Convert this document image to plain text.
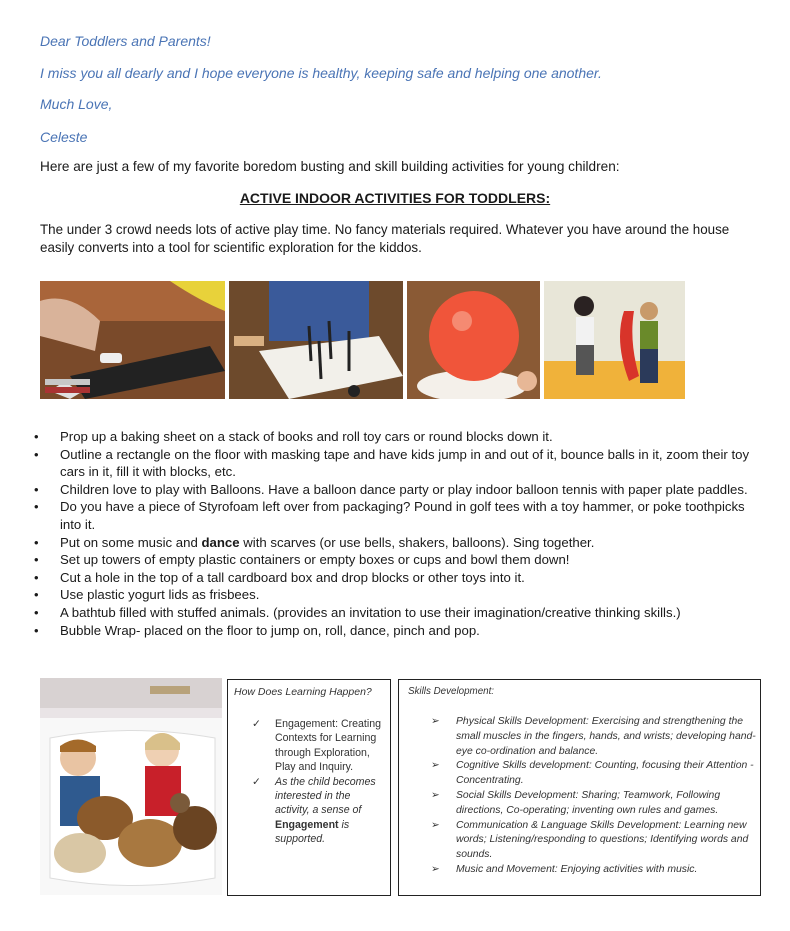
Dear Toddlers and Parents!
I miss you all dearly and I hope everyone is healthy, keeping safe and helping one another.
Much Love,
Celeste
Here are just a few of my favorite boredom busting and skill building activities for young children:
ACTIVE INDOOR ACTIVITIES FOR TODDLERS:
The under 3 crowd needs lots of active play time. No fancy materials required. Whatever you have around the house easily converts into a tool for scientific exploration for the kiddos.
• Prop up a baking sheet on a stack of books and roll toy cars or round blocks down it.
• Outline a rectangle on the floor with masking tape and have kids jump in and out of it, bounce balls in it, zoom their toy cars in it, fill it with blocks, etc.
• Children love to play with Balloons. Have a balloon dance party or play indoor balloon tennis with paper plate paddles.
• Do you have a piece of Styrofoam left over from packaging? Pound in golf tees with a toy hammer, or poke toothpicks into it.
• Put on some music and dance with scarves (or use bells, shakers, balloons). Sing together.
• Set up towers of empty plastic containers or empty boxes or cups and bowl them down!
• Cut a hole in the top of a tall cardboard box and drop blocks or other toys into it.
• Use plastic yogurt lids as frisbees.
• A bathtub filled with stuffed animals. (provides an invitation to use their imagination/creative thinking skills.)
• Bubble Wrap- placed on the floor to jump on, roll, dance, pinch and pop.
How Does Learning Happen?
✓ Engagement: Creating Contexts for Learning through Exploration, Play and Inquiry.
✓ As the child becomes interested in the activity, a sense of Engagement is supported.
Skills Development:
➢ Physical Skills Development: Exercising and strengthening the small muscles in the fingers, hands, and wrists; developing hand-eye co-ordination and balance.
➢ Cognitive Skills development: Counting, focusing their Attention -Concentrating.
➢ Social Skills Development: Sharing; Teamwork, Following directions, Co-operating; inventing own rules and games.
➢ Communication & Language Skills Development: Learning new words; Listening/responding to questions; Identifying words and sounds.
➢ Music and Movement: Enjoying activities with music.
